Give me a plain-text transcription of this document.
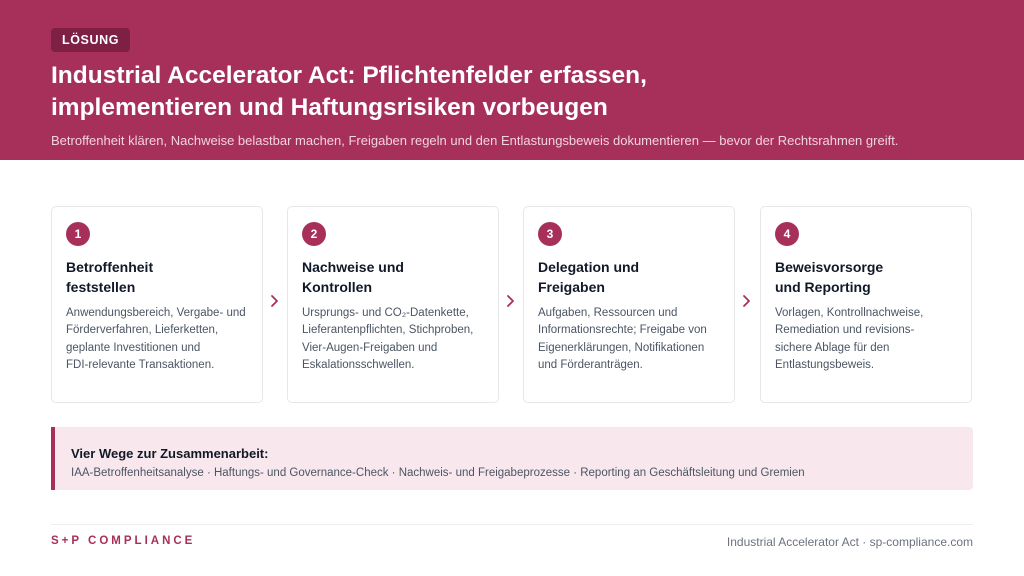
LÖSUNG
Industrial Accelerator Act: Pflichtenfelder erfassen,
implementieren und Haftungsrisiken vorbeugen

Betroffenheit klären, Nachweise belastbar machen, Freigaben regeln und den Entlastungsbeweis dokumentieren — bevor der Rechtsrahmen greift.

1
Betroffenheit
feststellen
Anwendungsbereich, Vergabe- und
Förderverfahren, Lieferketten,
geplante Investitionen und
FDI-relevante Transaktionen.
2
Nachweise und
Kontrollen
Ursprungs- und CO₂-Datenkette,
Lieferantenpflichten, Stichproben,
Vier-Augen-Freigaben und
Eskalationsschwellen.
3
Delegation und
Freigaben
Aufgaben, Ressourcen und
Informationsrechte; Freigabe von
Eigenerklärungen, Notifikationen
und Förderanträgen.
4
Beweisvorsorge
und Reporting
Vorlagen, Kontrollnachweise,
Remediation und revisions-
sichere Ablage für den
Entlastungsbeweis.
Vier Wege zur Zusammenarbeit:
IAA-Betroffenheitsanalyse · Haftungs- und Governance-Check · Nachweis- und Freigabeprozesse · Reporting an Geschäftsleitung und Gremien
S+P COMPLIANCE	Industrial Accelerator Act · sp-compliance.com
